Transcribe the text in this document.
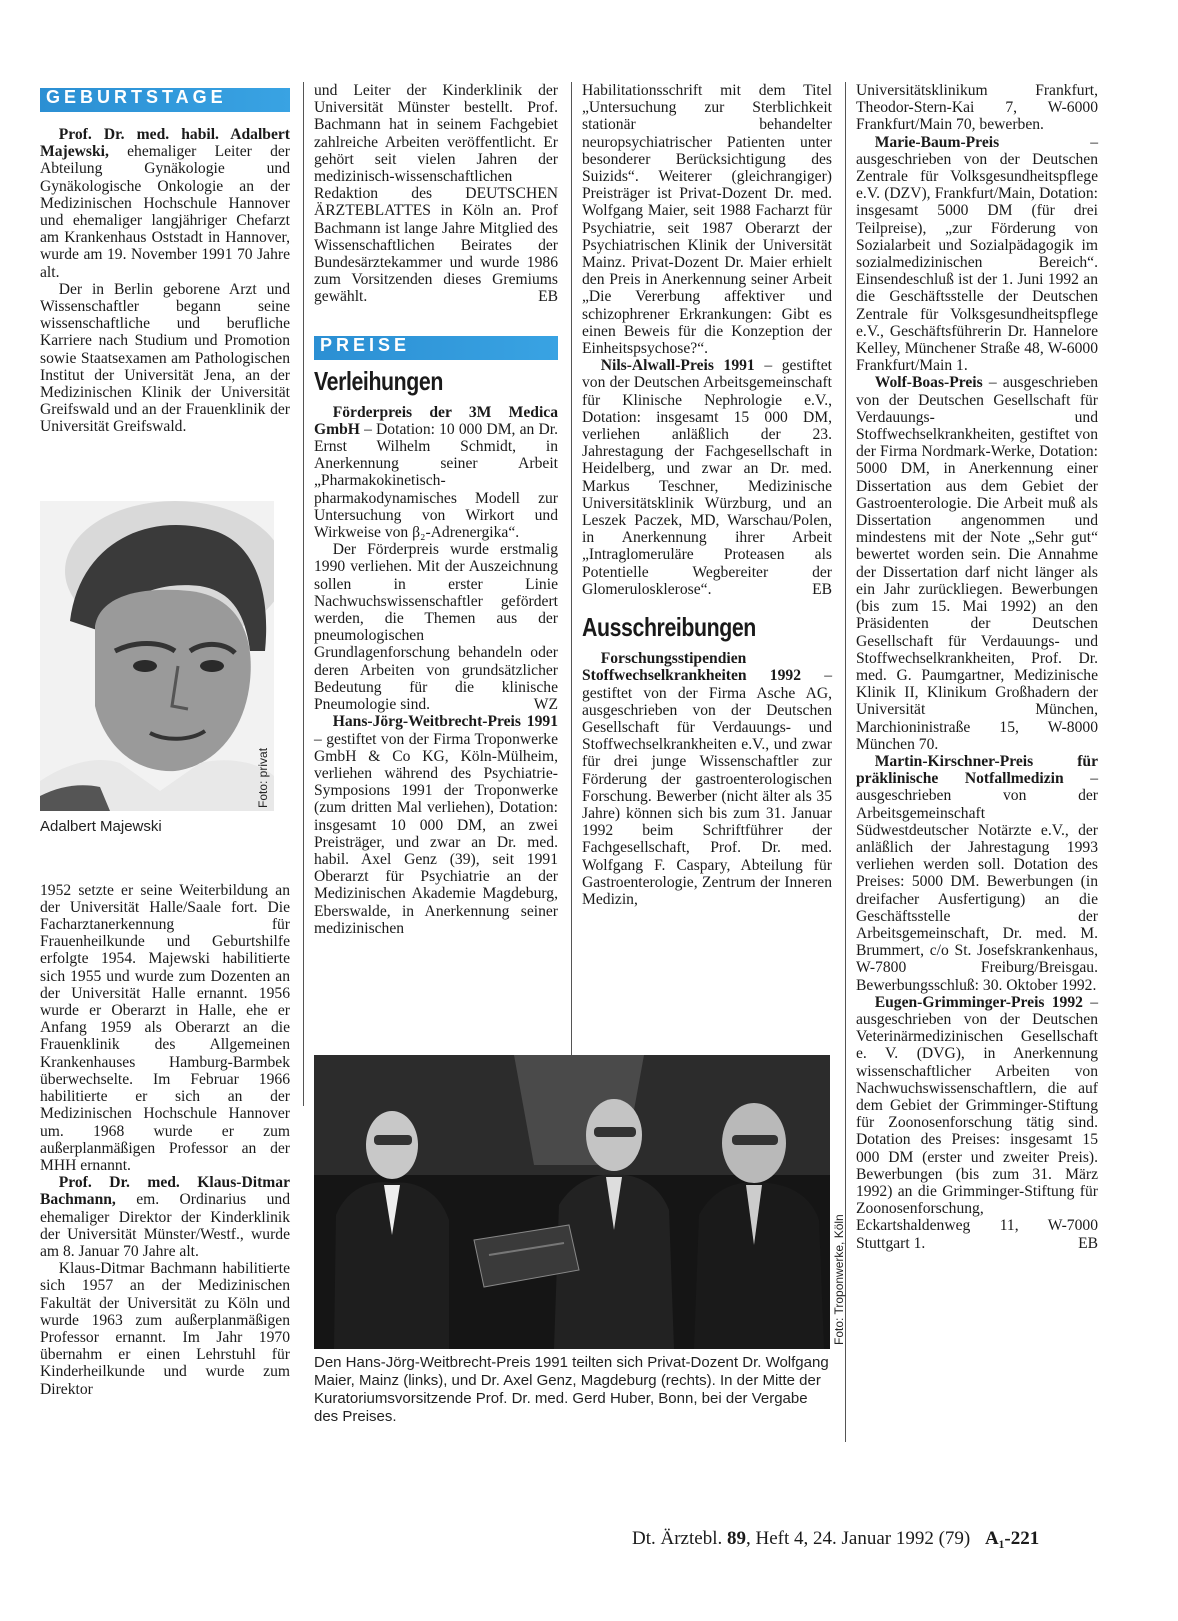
GEBURTSTAGE

Prof. Dr. med. habil. Adalbert Majewski, ehemaliger Leiter der Abteilung Gynäkologie und Gynäkologische Onkologie an der Medizinischen Hochschule Hannover und ehemaliger langjähriger Chefarzt am Krankenhaus Oststadt in Hannover, wurde am 19. November 1991 70 Jahre alt.

Der in Berlin geborene Arzt und Wissenschaftler begann seine wissenschaftliche und berufliche Karriere nach Studium und Promotion sowie Staatsexamen am Pathologischen Institut der Universität Jena, an der Medizinischen Klinik der Universität Greifswald und an der Frauenklinik der Universität Greifswald.

1952 setzte er seine Weiterbildung an der Universität Halle/Saale fort. Die Facharztanerkennung für Frauenheilkunde und Geburtshilfe erfolgte 1954. Majewski habilitierte sich 1955 und wurde zum Dozenten an der Universität Halle ernannt. 1956 wurde er Oberarzt in Halle, ehe er Anfang 1959 als Oberarzt an die Frauenklinik des Allgemeinen Krankenhauses Hamburg-Barmbek überwechselte. Im Februar 1966 habilitierte er sich an der Medizinischen Hochschule Hannover um. 1968 wurde er zum außerplanmäßigen Professor an der MHH ernannt.

Prof. Dr. med. Klaus-Ditmar Bachmann, em. Ordinarius und ehemaliger Direktor der Kinderklinik der Universität Münster/Westf., wurde am 8. Januar 70 Jahre alt.

Klaus-Ditmar Bachmann habilitierte sich 1957 an der Medizinischen Fakultät der Universität zu Köln und wurde 1963 zum außerplanmäßigen Professor ernannt. Im Jahr 1970 übernahm er einen Lehrstuhl für Kinderheilkunde und wurde zum Direktor

Foto: privat
Adalbert Majewski

und Leiter der Kinderklinik der Universität Münster bestellt. Prof. Bachmann hat in seinem Fachgebiet zahlreiche Arbeiten veröffentlicht. Er gehört seit vielen Jahren der medizinisch-wissenschaftlichen Redaktion des DEUTSCHEN ÄRZTEBLATTES in Köln an. Prof Bachmann ist lange Jahre Mitglied des Wissenschaftlichen Beirates der Bundesärztekammer und wurde 1986 zum Vorsitzenden dieses Gremiums gewählt.	EB

PREISE
Verleihungen

Förderpreis der 3M Medica GmbH – Dotation: 10 000 DM, an Dr. Ernst Wilhelm Schmidt, in Anerkennung seiner Arbeit „Pharmakokinetisch-pharmakodynamisches Modell zur Untersuchung von Wirkort und Wirkweise von β₂-Adrenergika“.

Der Förderpreis wurde erstmalig 1990 verliehen. Mit der Auszeichnung sollen in erster Linie Nachwuchswissenschaftler gefördert werden, die Themen aus der pneumologischen Grundlagenforschung behandeln oder deren Arbeiten von grundsätzlicher Bedeutung für die klinische Pneumologie sind.	WZ

Hans-Jörg-Weitbrecht-Preis 1991 – gestiftet von der Firma Troponwerke GmbH & Co KG, Köln-Mülheim, verliehen während des Psychiatrie-Symposions 1991 der Troponwerke (zum dritten Mal verliehen), Dotation: insgesamt 10 000 DM, an zwei Preisträger, und zwar an Dr. med. habil. Axel Genz (39), seit 1991 Oberarzt für Psychiatrie an der Medizinischen Akademie Magdeburg, Eberswalde, in Anerkennung seiner medizinischen

Habilitationsschrift mit dem Titel „Untersuchung zur Sterblichkeit stationär behandelter neuropsychiatrischer Patienten unter besonderer Berücksichtigung des Suizids“. Weiterer (gleichrangiger) Preisträger ist Privat-Dozent Dr. med. Wolfgang Maier, seit 1988 Facharzt für Psychiatrie, seit 1987 Oberarzt der Psychiatrischen Klinik der Universität Mainz. Privat-Dozent Dr. Maier erhielt den Preis in Anerkennung seiner Arbeit „Die Vererbung affektiver und schizophrener Erkrankungen: Gibt es einen Beweis für die Konzeption der Einheitspsychose?“.

Nils-Alwall-Preis 1991 – gestiftet von der Deutschen Arbeitsgemeinschaft für Klinische Nephrologie e.V., Dotation: insgesamt 15 000 DM, verliehen anläßlich der 23. Jahrestagung der Fachgesellschaft in Heidelberg, und zwar an Dr. med. Markus Teschner, Medizinische Universitätsklinik Würzburg, und an Leszek Paczek, MD, Warschau/Polen, in Anerkennung ihrer Arbeit „Intraglomeruläre Proteasen als Potentielle Wegbereiter der Glomerulosklerose“.	EB

Ausschreibungen

Forschungsstipendien Stoffwechselkrankheiten 1992 – gestiftet von der Firma Asche AG, ausgeschrieben von der Deutschen Gesellschaft für Verdauungs- und Stoffwechselkrankheiten e.V., und zwar für drei junge Wissenschaftler zur Förderung der gastroenterologischen Forschung. Bewerber (nicht älter als 35 Jahre) können sich bis zum 31. Januar 1992 beim Schriftführer der Fachgesellschaft, Prof. Dr. med. Wolfgang F. Caspary, Abteilung für Gastroenterologie, Zentrum der Inneren Medizin,

Universitätsklinikum Frankfurt, Theodor-Stern-Kai 7, W-6000 Frankfurt/Main 70, bewerben.

Marie-Baum-Preis – ausgeschrieben von der Deutschen Zentrale für Volksgesundheitspflege e.V. (DZV), Frankfurt/Main, Dotation: insgesamt 5000 DM (für drei Teilpreise), „zur Förderung von Sozialarbeit und Sozialpädagogik im sozialmedizinischen Bereich“. Einsendeschluß ist der 1. Juni 1992 an die Geschäftsstelle der Deutschen Zentrale für Volksgesundheitspflege e.V., Geschäftsführerin Dr. Hannelore Kelley, Münchener Straße 48, W-6000 Frankfurt/Main 1.

Wolf-Boas-Preis – ausgeschrieben von der Deutschen Gesellschaft für Verdauungs- und Stoffwechselkrankheiten, gestiftet von der Firma Nordmark-Werke, Dotation: 5000 DM, in Anerkennung einer Dissertation aus dem Gebiet der Gastroenterologie. Die Arbeit muß als Dissertation angenommen und mindestens mit der Note „Sehr gut“ bewertet worden sein. Die Annahme der Dissertation darf nicht länger als ein Jahr zurückliegen. Bewerbungen (bis zum 15. Mai 1992) an den Präsidenten der Deutschen Gesellschaft für Verdauungs- und Stoffwechselkrankheiten, Prof. Dr. med. G. Paumgartner, Medizinische Klinik II, Klinikum Großhadern der Universität München, Marchioninistraße 15, W-8000 München 70.

Martin-Kirschner-Preis für präklinische Notfallmedizin – ausgeschrieben von der Arbeitsgemeinschaft Südwestdeutscher Notärzte e.V., der anläßlich der Jahrestagung 1993 verliehen werden soll. Dotation des Preises: 5000 DM. Bewerbungen (in dreifacher Ausfertigung) an die Geschäftsstelle der Arbeitsgemeinschaft, Dr. med. M. Brummert, c/o St. Josefskrankenhaus, W-7800 Freiburg/Breisgau. Bewerbungsschluß: 30. Oktober 1992.

Eugen-Grimminger-Preis 1992 – ausgeschrieben von der Deutschen Veterinärmedizinischen Gesellschaft e. V. (DVG), in Anerkennung wissenschaftlicher Arbeiten von Nachwuchswissenschaftlern, die auf dem Gebiet der Grimminger-Stiftung für Zoonosenforschung tätig sind. Dotation des Preises: insgesamt 15 000 DM (erster und zweiter Preis). Bewerbungen (bis zum 31. März 1992) an die Grimminger-Stiftung für Zoonosenforschung, Eckartshaldenweg 11, W-7000 Stuttgart 1.	EB

Foto: Troponwerke, Köln
Den Hans-Jörg-Weitbrecht-Preis 1991 teilten sich Privat-Dozent Dr. Wolfgang Maier, Mainz (links), und Dr. Axel Genz, Magdeburg (rechts). In der Mitte der Kuratoriumsvorsitzende Prof. Dr. med. Gerd Huber, Bonn, bei der Vergabe des Preises.
Dt. Ärztebl. 89, Heft 4, 24. Januar 1992 (79) A₁-221
